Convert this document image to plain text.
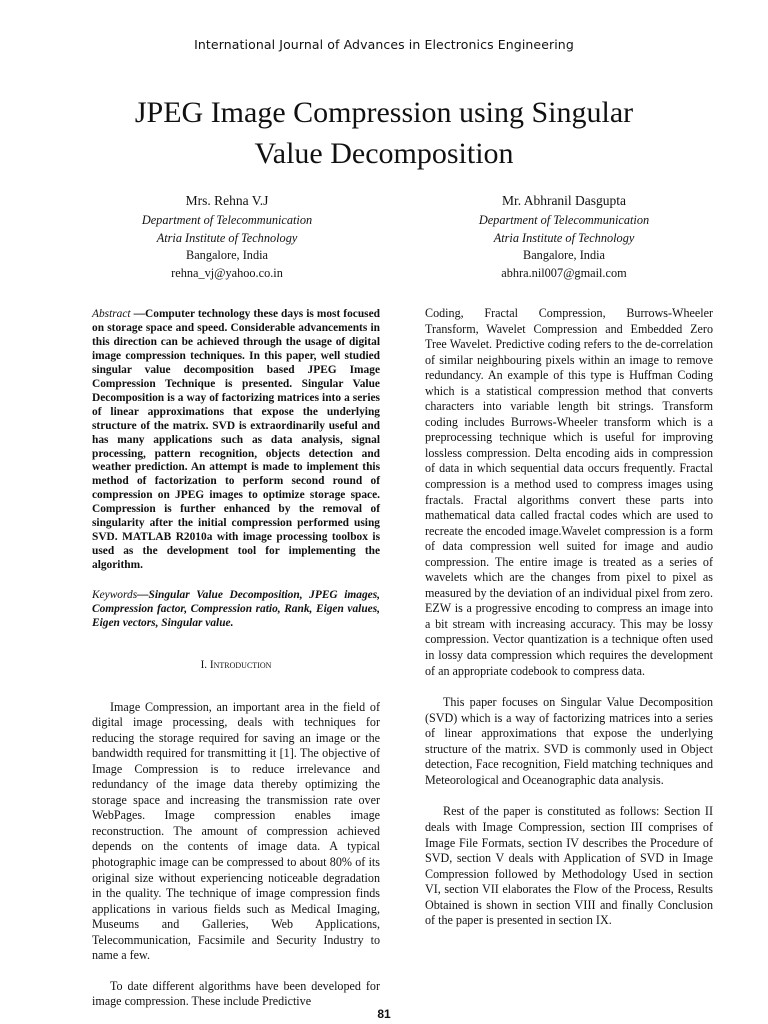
International Journal of Advances in Electronics Engineering
JPEG Image Compression using Singular Value Decomposition
Mrs. Rehna V.J
Department of Telecommunication
Atria Institute of Technology
Bangalore, India
rehna_vj@yahoo.co.in
Mr. Abhranil Dasgupta
Department of Telecommunication
Atria Institute of Technology
Bangalore, India
abhra.nil007@gmail.com

Abstract —Computer technology these days is most focused on storage space and speed. Considerable advancements in this direction can be achieved through the usage of digital image compression techniques. In this paper, well studied singular value decomposition based JPEG Image Compression Technique is presented. Singular Value Decomposition is a way of factorizing matrices into a series of linear approximations that expose the underlying structure of the matrix. SVD is extraordinarily useful and has many applications such as data analysis, signal processing, pattern recognition, objects detection and weather prediction. An attempt is made to implement this method of factorization to perform second round of compression on JPEG images to optimize storage space. Compression is further enhanced by the removal of singularity after the initial compression performed using SVD. MATLAB R2010a with image processing toolbox is used as the development tool for implementing the algorithm.

Keywords—Singular Value Decomposition, JPEG images, Compression factor, Compression ratio, Rank, Eigen values, Eigen vectors, Singular value.

I. Introduction

Image Compression, an important area in the field of digital image processing, deals with techniques for reducing the storage required for saving an image or the bandwidth required for transmitting it [1]. The objective of Image Compression is to reduce irrelevance and redundancy of the image data thereby optimizing the storage space and increasing the transmission rate over WebPages. Image compression enables image reconstruction. The amount of compression achieved depends on the contents of image data. A typical photographic image can be compressed to about 80% of its original size without experiencing noticeable degradation in the quality. The technique of image compression finds applications in various fields such as Medical Imaging, Museums and Galleries, Web Applications, Telecommunication, Facsimile and Security Industry to name a few.

To date different algorithms have been developed for image compression. These include Predictive

Coding, Fractal Compression, Burrows-Wheeler Transform, Wavelet Compression and Embedded Zero Tree Wavelet. Predictive coding refers to the de-correlation of similar neighbouring pixels within an image to remove redundancy. An example of this type is Huffman Coding which is a statistical compression method that converts characters into variable length bit strings. Transform coding includes Burrows-Wheeler transform which is a preprocessing technique which is useful for improving lossless compression. Delta encoding aids in compression of data in which sequential data occurs frequently. Fractal compression is a method used to compress images using fractals. Fractal algorithms convert these parts into mathematical data called fractal codes which are used to recreate the encoded image.Wavelet compression is a form of data compression well suited for image and audio compression. The entire image is treated as a series of wavelets which are the changes from pixel to pixel as measured by the deviation of an individual pixel from zero. EZW is a progressive encoding to compress an image into a bit stream with increasing accuracy. This may be lossy compression. Vector quantization is a technique often used in lossy data compression which requires the development of an appropriate codebook to compress data.

This paper focuses on Singular Value Decomposition (SVD) which is a way of factorizing matrices into a series of linear approximations that expose the underlying structure of the matrix. SVD is commonly used in Object detection, Face recognition, Field matching techniques and Meteorological and Oceanographic data analysis.

Rest of the paper is constituted as follows: Section II deals with Image Compression, section III comprises of Image File Formats, section IV describes the Procedure of SVD, section V deals with Application of SVD in Image Compression followed by Methodology Used in section VI, section VII elaborates the Flow of the Process, Results Obtained is shown in section VIII and finally Conclusion of the paper is presented in section IX.

81
